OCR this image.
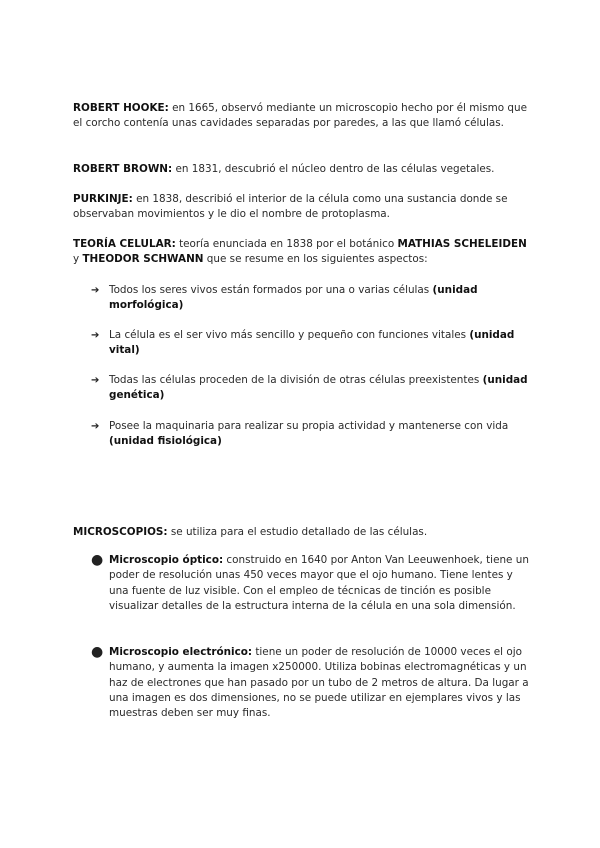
ROBERT HOOKE: en 1665, observó mediante un microscopio hecho por él mismo que el corcho contenía unas cavidades separadas por paredes, a las que llamó células.

ROBERT BROWN: en 1831, descubrió el núcleo dentro de las células vegetales.

PURKINJE: en 1838, describió el interior de la célula como una sustancia donde se observaban movimientos y le dio el nombre de protoplasma.

TEORÍA CELULAR: teoría enunciada en 1838 por el botánico MATHIAS SCHELEIDEN y THEODOR SCHWANN que se resume en los siguientes aspectos:

➔ Todos los seres vivos están formados por una o varias células (unidad morfológica)
➔ La célula es el ser vivo más sencillo y pequeño con funciones vitales (unidad vital)
➔ Todas las células proceden de la división de otras células preexistentes (unidad genética)
➔ Posee la maquinaria para realizar su propia actividad y mantenerse con vida (unidad fisiológica)

MICROSCOPIOS: se utiliza para el estudio detallado de las células.

● Microscopio óptico: construido en 1640 por Anton Van Leeuwenhoek, tiene un poder de resolución unas 450 veces mayor que el ojo humano. Tiene lentes y una fuente de luz visible. Con el empleo de técnicas de tinción es posible visualizar detalles de la estructura interna de la célula en una sola dimensión.
● Microscopio electrónico: tiene un poder de resolución de 10000 veces el ojo humano, y aumenta la imagen x250000. Utiliza bobinas electromagnéticas y un haz de electrones que han pasado por un tubo de 2 metros de altura. Da lugar a una imagen es dos dimensiones, no se puede utilizar en ejemplares vivos y las muestras deben ser muy finas.
